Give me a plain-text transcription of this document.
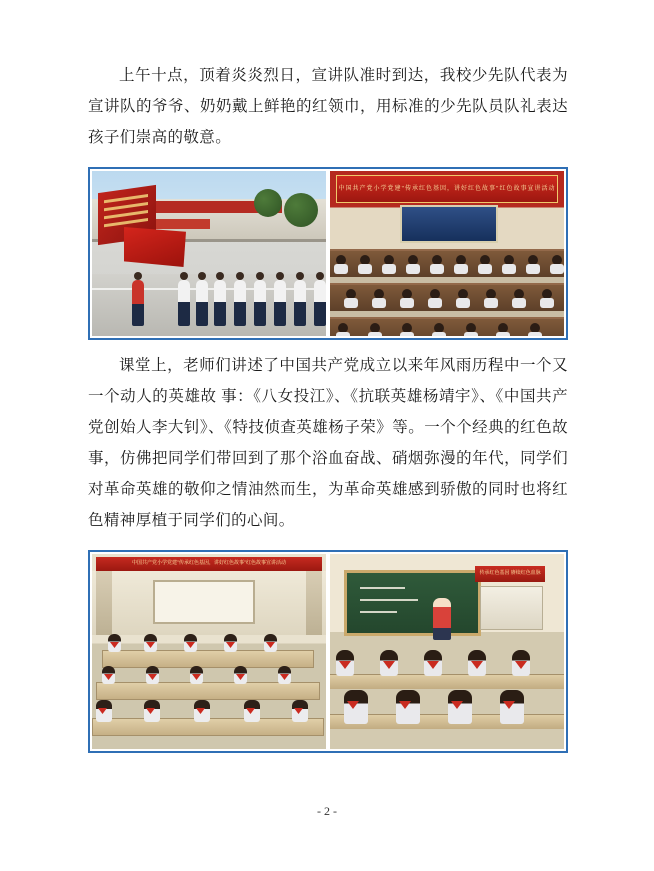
上午十点，顶着炎炎烈日，宣讲队准时到达，我校少先队代表为宣讲队的爷爷、奶奶戴上鲜艳的红领巾，用标准的少先队员队礼表达孩子们崇高的敬意。

中国共产党小学党建"传承红色基因，讲好红色故事"红色故事宣讲活动

课堂上，老师们讲述了中国共产党成立以来年风雨历程中一个又一个动人的英雄故 事：《八女投江》、《抗联英雄杨靖宇》、《中国共产党创始人李大钊》、《特技侦查英雄杨子荣》等。一个个经典的红色故事，仿佛把同学们带回到了那个浴血奋战、硝烟弥漫的年代，同学们对革命英雄的敬仰之情油然而生，为革命英雄感到骄傲的同时也将红色精神厚植于同学们的心间。

中国共产党小学党建"传承红色基因，讲好红色故事"红色故事宣讲活动
传承红色基因 赓续红色血脉
- 2 -
